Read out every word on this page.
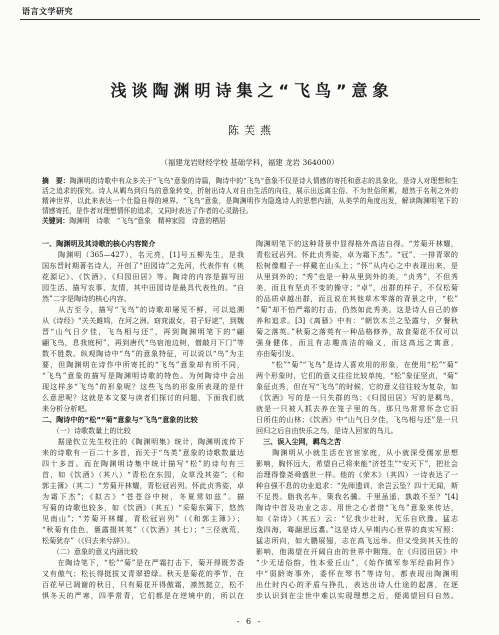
语言文学研究
浅谈陶渊明诗集之“飞鸟”意象
陈芙燕
（福建龙岩财经学校 基础学科，福建 龙岩 364000）
摘　要：陶渊明的诗歌中有众多关于“飞鸟”意象的诗篇，陶诗中的“飞鸟”意象不仅是诗人情感的寄托和意志的具象化，是诗人对理想和生
活之追求的探究。诗人从羁鸟到归鸟的意象转变，折射出诗人对自由生活的向往，展示出远离尘俗、不为世俗所累，超然于名利之外的
精神世界，以此来表达一个仕隐自得的境界。“飞鸟”意象，是陶渊明作为隐逸诗人的思想内涵，从美学的角度出发，解读陶渊明笔下的
情感寄托，是作者对理想情怀的追求，又同时表达了作者的心灵路径。
关键词：陶渊明　诗歌　“飞鸟”意象　精神家园　诗意的栖居
一、陶渊明及其诗歌的核心内容简介
　　陶渊明（365—427），名元亮，[1]号五柳先生，是我
国东晋时期著名诗人，开创了“田园诗”之先河，代表作有《桃
花源记》、《饮酒》、《归园田居》等。陶诗的内容是描写田
园生活、描写农事、友情，其中田园诗是最具代表性的。“自
然”二字是陶诗的核心内容。
　　从古至今，描写“飞鸟”的诗歌却屡见不鲜，可以追溯
从《诗经》“关关雎鸠，在河之洲。窈窕淑女，君子好逑”，到魏
晋“山气日夕佳，飞鸟相与还”，再到陶渊明笔下的“翩
翩飞鸟，息我庭柯”，再到唐代“鸟宿池边树，僧敲月下门”等
数不胜数。纵观陶诗中“鸟”的意象特征，可以说以“鸟”为主
要，但陶渊明在诗作中所寄托的“飞鸟”意象却有所不同，
“飞鸟”意象的描写是陶渊明诗歌的特色。为何陶诗中会出
现这样多“飞鸟”的形象呢？这些飞鸟的形象所表现的是什
么意思呢？这就是本文要与读者们探讨的问题，下面我们就
来分析分析吧。
二、陶诗中的“松”“菊”意象与“飞鸟”意象的比较
　　（一）诗歌数量上的比较
　　据逯钦立先生校注的《陶渊明集》统计，陶渊明流传下
来的诗歌有一百二十多首，而关于“鸟类”意象的诗歌数量达
四十多首。而在陶渊明诗集中统计描写“松”的诗句有三
首，如《饮酒》（其八）“青松在东园，众草没其姿”；《和
郭主簿》（其二）“芳菊开林耀，青松冠岩列。怀此贞秀姿，卓
为霜下杰”；《拟古》“苍苍谷中树，冬夏常如兹”。描
写菊的诗歌也较多，如《饮酒》（其五）“采菊东篱下，悠然
见南山”；“芳菊开林耀，青松冠岩列”（《和郭主簿》）；
“秋菊有佳色，裛露掇其英”（《饮酒》其七）；“三径就荒，
松菊犹存”（《归去来兮辞》）。
　　（二）意象的意义内涵比较
　　在陶诗笔下，“松”“菊”是在严霜打击下，菊开得既芳香
又有傲气；松长得挺拔又青翠碧绿。秋天是菊花的季节，在
百花早已凋谢的秋日，只有菊花开得傲霜，凛然挺立，松不
惧冬天的严寒，四季常青，它们都是在逆境中的，所以在
陶渊明笔下的这种背景中显得格外高洁自得。“芳菊开林耀，
青松冠岩列。怀此贞秀姿，卓为霜下杰”。“冠”，一排青翠的
松树像帽子一样戴在山头上；“怀”从内心之中表现出来，是
从里到外的；“秀”也是一种从里到外的美，“贞秀”，不但秀
美，而且有坚贞不变的操守；“卓”，出群的样子，不仅松菊
的品质卓越出群，而且说在其他草木零落的背景之中，“松”
“菊”却不怕严霜的打击，仍然如此秀美。这是诗人自己的修
养和追求。[3]《离骚》中有：“朝饮木兰之坠露兮，夕餐秋
菊之落英。”秋菊之落英有一种品格修养，故食菊花不仅可以
强身健体，而且有志趣高洁的喻义，而这高远之寓意，
亦由菊引发。
　　“松”“菊”“飞鸟”是诗人喜欢用的形象，在使用“松”“菊”
两个形象时，它们的意义往往比较单纯，“松”象征坚贞，“菊”
象征贞秀，但在写“飞鸟”的时候，它的意义往往较为复杂，如
《饮酒》写的是一只失群的鸟；《归园田居》写的是羁鸟，
就是一只被人抓去养在笼子里的鸟，那只鸟常常怀念它旧
日所住的山林；《饮酒》中“山气日夕佳，飞鸟相与还”是一只
回归之后自由快乐之鸟，是诗人回家的鸟儿。
　三、误入尘网，羁鸟之苦
　　陶渊明从小就生活在官宦家庭，从小就深受儒家思想
影响，胸怀远大，希望自己将来能“济苍生”“安天下”，把社会
治理得像尧舜盛世一样。他的《荣木》（其四）一诗表达了一
种自强不息的功业追求：“先师遗训，余岂云坠？四十无闻，斯
不足畏。脂我名车，策我名骥。千里虽遥，孰敢不至？”[4]
陶诗中首及功业之志、用世之心者借“飞鸟”意象来传达，
如《杂诗》（其五）云：“忆我少壮时，无乐自欣豫。猛志
逸四海，骞翮思远翥。”这是诗人早期内心世界的真实写照：
猛志所向，如大鹏展翅，志在高飞远举。但又受到其天性的
影响，他渴望在开阔自由的世界中翱翔。在《归园田居》中
“少无适俗韵，性本爱丘山”，《始作镇军参军经曲阿作》
中“弱龄寄事外，委怀在琴书”等诗句，都表现出陶渊明
出仕时内心的矛盾与挣扎，表达出诗人仕途的起落，在逐
步认识到在尘世中难以实现理想之后，便渴望回归自然。
- 6 -
